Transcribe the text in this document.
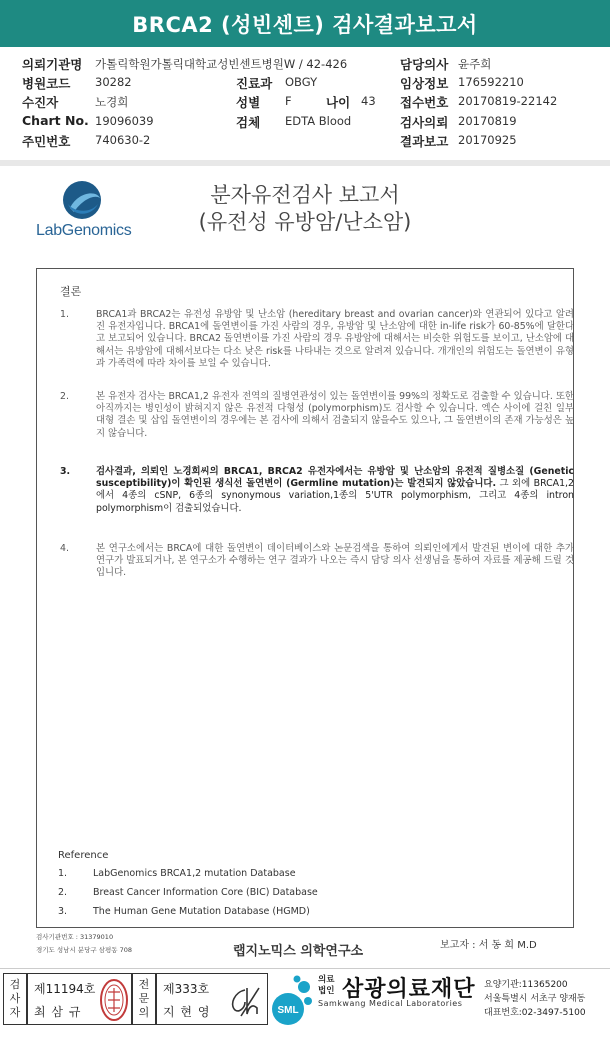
BRCA2 (성빈센트) 검사결과보고서
의뢰기관명 가톨릭학원가톨릭대학교성빈센트병원W / 42-426	담당의사 윤주희
병원코드 30282	진료과 OBGY	임상정보 176592210
수진자	노경희	성별 F	나이 43 접수번호 20170819-22142
Chart No. 19096039	검체 EDTA Blood	검사의뢰 20170819
주민번호 740630-2	결과보고 20170925
LabGenomics
분자유전검사 보고서
(유전성 유방암/난소암)
결론
1.	BRCA1과 BRCA2는 유전성 유방암 및 난소암 (hereditary breast and ovarian cancer)와 연관되어 있다고 알려진 유전자입니다. BRCA1에 돌연변이를 가진 사람의 경우, 유방암 및 난소암에 대한 in-life risk가 60-85%에 달한다고 보고되어 있습니다. BRCA2 돌연변이를 가진 사람의 경우 유방암에 대해서는 비슷한 위험도를 보이고, 난소암에 대해서는 유방암에 대해서보다는 다소 낮은 risk를 나타내는 것으로 알려져 있습니다. 개개인의 위험도는 돌연변이 유형과 가족력에 따라 차이를 보일 수 있습니다.
2.	본 유전자 검사는 BRCA1,2 유전자 전역의 질병연관성이 있는 돌연변이를 99%의 정확도로 검출할 수 있습니다. 또한 아직까지는 병인성이 밝혀지지 않은 유전적 다형성 (polymorphism)도 검사할 수 있습니다. 엑슨 사이에 걸친 일부 대형 결손 및 삽입 돌연변이의 경우에는 본 검사에 의해서 검출되지 않을수도 있으나, 그 돌연변이의 존재 가능성은 높지 않습니다.
3.	검사결과, 의뢰인 노경희씨의 BRCA1, BRCA2 유전자에서는 유방암 및 난소암의 유전적 질병소질 (Genetic susceptibility)이 확인된 생식선 돌연변이 (Germline mutation)는 발견되지 않았습니다. 그 외에 BRCA1,2에서 4종의 cSNP, 6종의 synonymous variation,1종의 5'UTR polymorphism, 그리고 4종의 intron polymorphism이 검출되었습니다.
4.	본 연구소에서는 BRCA에 대한 돌연변이 데이터베이스와 논문검색을 통하여 의뢰인에게서 발견된 변이에 대한 추가 연구가 발표되거나, 본 연구소가 수행하는 연구 결과가 나오는 즉시 담당 의사 선생님을 통하여 자료를 제공해 드릴 것입니다.
Reference
1.	LabGenomics BRCA1,2 mutation Database
2.	Breast Cancer Information Core (BIC) Database
3.	The Human Gene Mutation Database (HGMD)
검사기관번호 : 31379010
경기도 성남시 분당구 삼평동 708	랩지노믹스 의학연구소	보고자 : 서 동 희 M.D
검사자
제11194호
최 삼 규
전문의
제333호
지 현 영	SML
의료
법인 삼광의료재단
Samkwang Medical Laboratories
요양기관:11365200
서울특별시 서초구 양재동
대표번호:02-3497-5100
